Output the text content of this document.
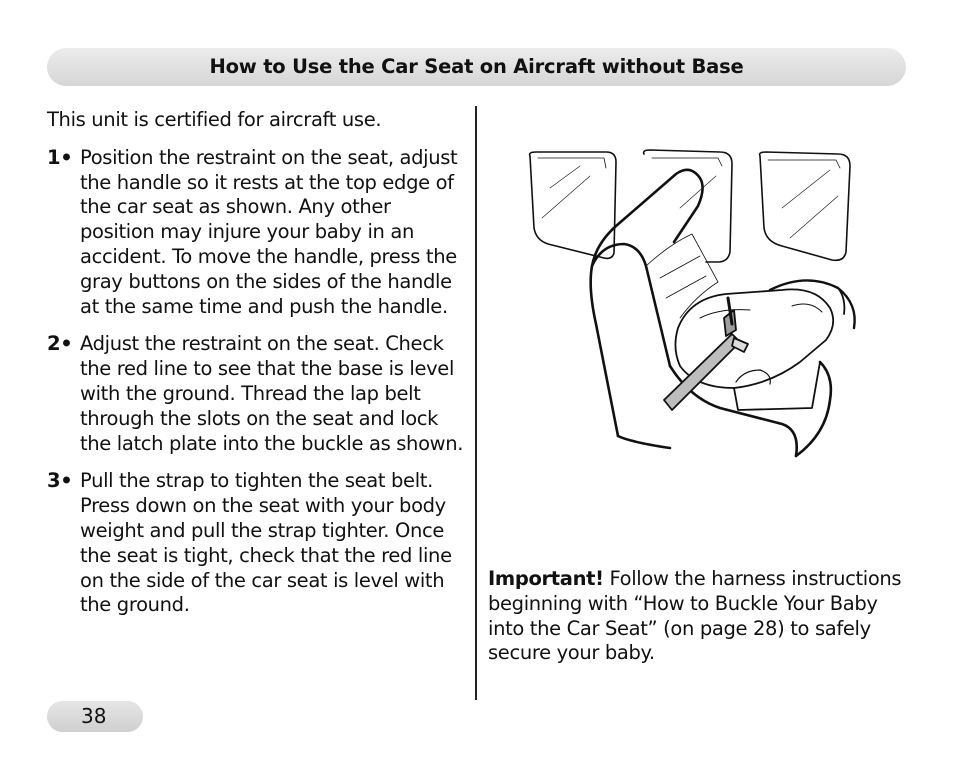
How to Use the Car Seat on Aircraft without Base

This unit is certified for aircraft use.

1• Position the restraint on the seat, adjust the handle so it rests at the top edge of the car seat as shown. Any other position may injure your baby in an accident. To move the handle, press the gray buttons on the sides of the handle at the same time and push the handle.
2• Adjust the restraint on the seat. Check the red line to see that the base is level with the ground. Thread the lap belt through the slots on the seat and lock the latch plate into the buckle as shown.
3• Pull the strap to tighten the seat belt. Press down on the seat with your body weight and pull the strap tighter. Once the seat is tight, check that the red line on the side of the car seat is level with the ground.
Important! Follow the harness instructions beginning with “How to Buckle Your Baby into the Car Seat” (on page 28) to safely secure your baby.
38
